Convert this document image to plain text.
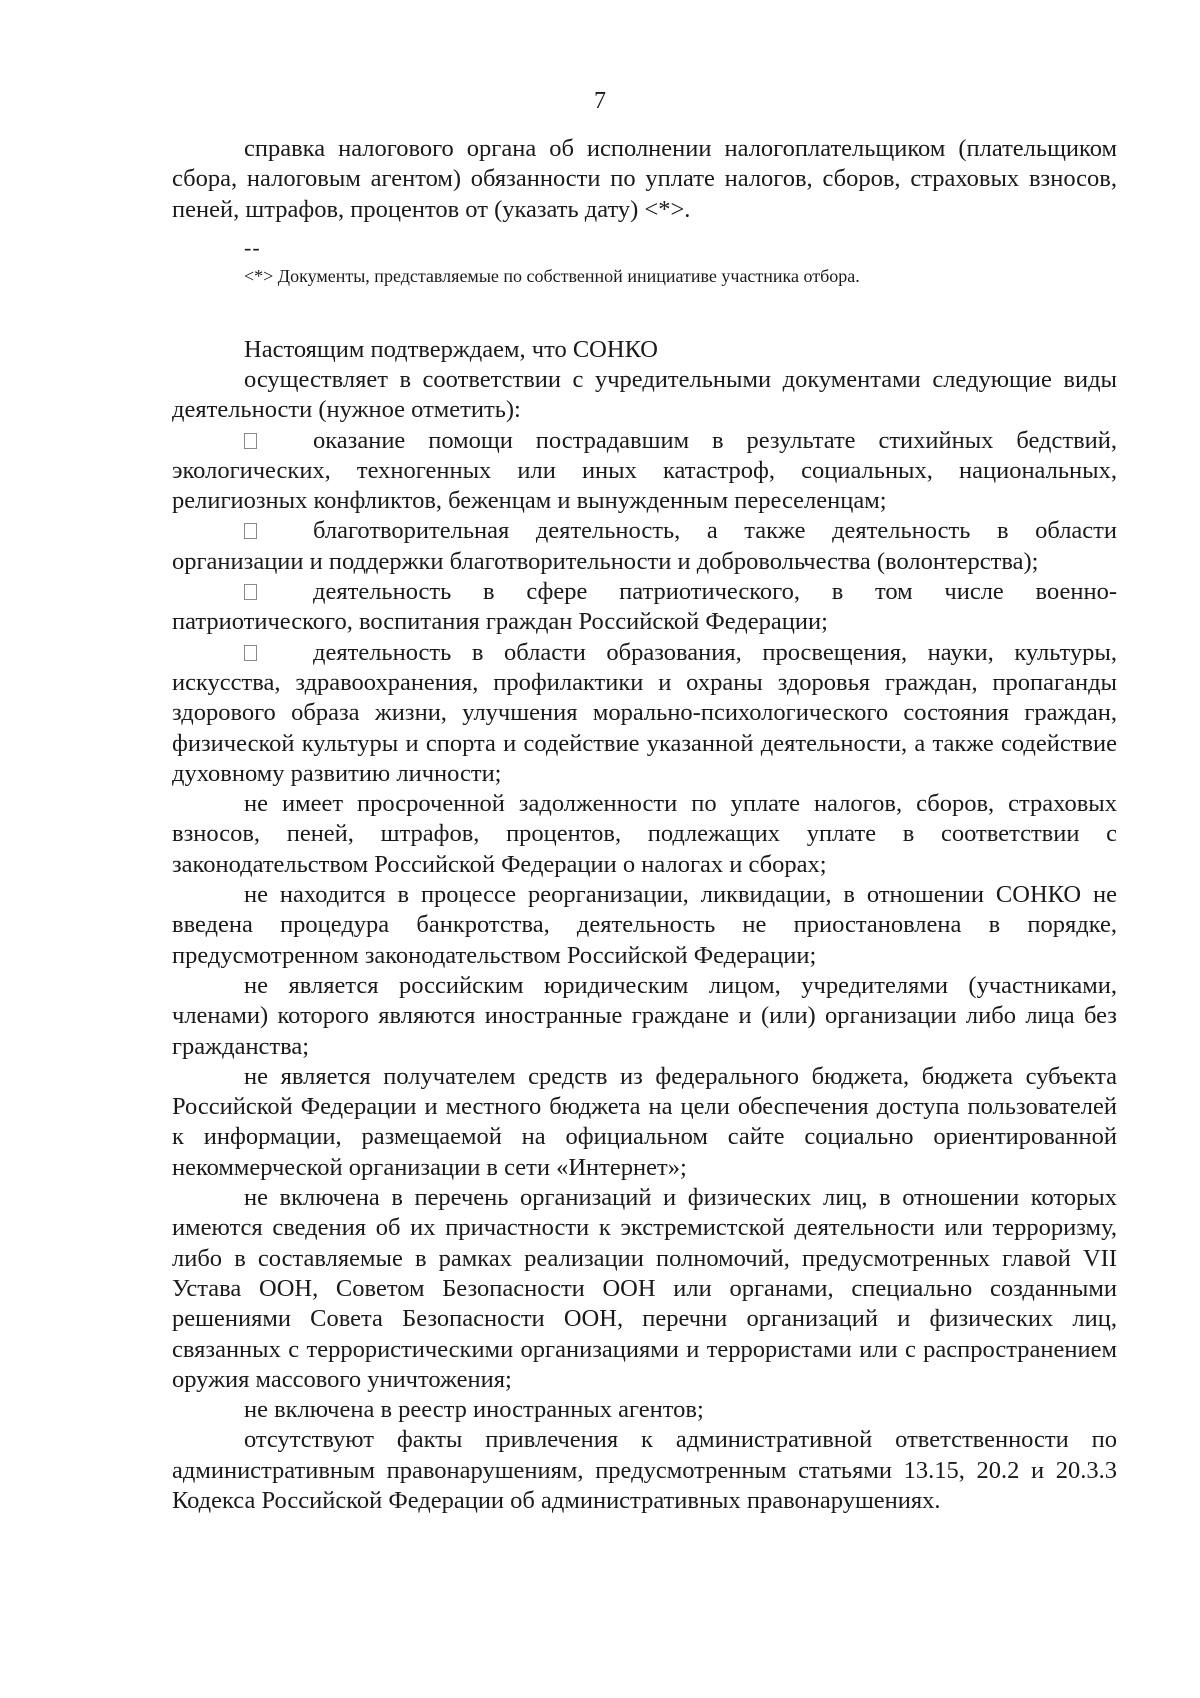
7

справка налогового органа об исполнении налогоплательщиком (плательщиком сбора, налоговым агентом) обязанности по уплате налогов, сборов, страховых взносов, пеней, штрафов, процентов от (указать дату) <*>.

--
<*> Документы, представляемые по собственной инициативе участника отбора.
Настоящим подтверждаем, что СОНКО

осуществляет в соответствии с учредительными документами следующие виды деятельности (нужное отметить):

оказание помощи пострадавшим в результате стихийных бедствий, экологических, техногенных или иных катастроф, социальных, национальных, религиозных конфликтов, беженцам и вынужденным переселенцам;

благотворительная деятельность, а также деятельность в области организации и поддержки благотворительности и добровольчества (волонтерства);

деятельность в сфере патриотического, в том числе военно-патриотического, воспитания граждан Российской Федерации;

деятельность в области образования, просвещения, науки, культуры, искусства, здравоохранения, профилактики и охраны здоровья граждан, пропаганды здорового образа жизни, улучшения морально-психологического состояния граждан, физической культуры и спорта и содействие указанной деятельности, а также содействие духовному развитию личности;

не имеет просроченной задолженности по уплате налогов, сборов, страховых взносов, пеней, штрафов, процентов, подлежащих уплате в соответствии с законодательством Российской Федерации о налогах и сборах;

не находится в процессе реорганизации, ликвидации, в отношении СОНКО не введена процедура банкротства, деятельность не приостановлена в порядке, предусмотренном законодательством Российской Федерации;

не является российским юридическим лицом, учредителями (участниками, членами) которого являются иностранные граждане и (или) организации либо лица без гражданства;

не является получателем средств из федерального бюджета, бюджета субъекта Российской Федерации и местного бюджета на цели обеспечения доступа пользователей к информации, размещаемой на официальном сайте социально ориентированной некоммерческой организации в сети «Интернет»;

не включена в перечень организаций и физических лиц, в отношении которых имеются сведения об их причастности к экстремистской деятельности или терроризму, либо в составляемые в рамках реализации полномочий, предусмотренных главой VII Устава ООН, Советом Безопасности ООН или органами, специально созданными решениями Совета Безопасности ООН, перечни организаций и физических лиц, связанных с террористическими организациями и террористами или с распространением оружия массового уничтожения;

не включена в реестр иностранных агентов;

отсутствуют факты привлечения к административной ответственности по административным правонарушениям, предусмотренным статьями 13.15, 20.2 и 20.3.3 Кодекса Российской Федерации об административных правонарушениях.
